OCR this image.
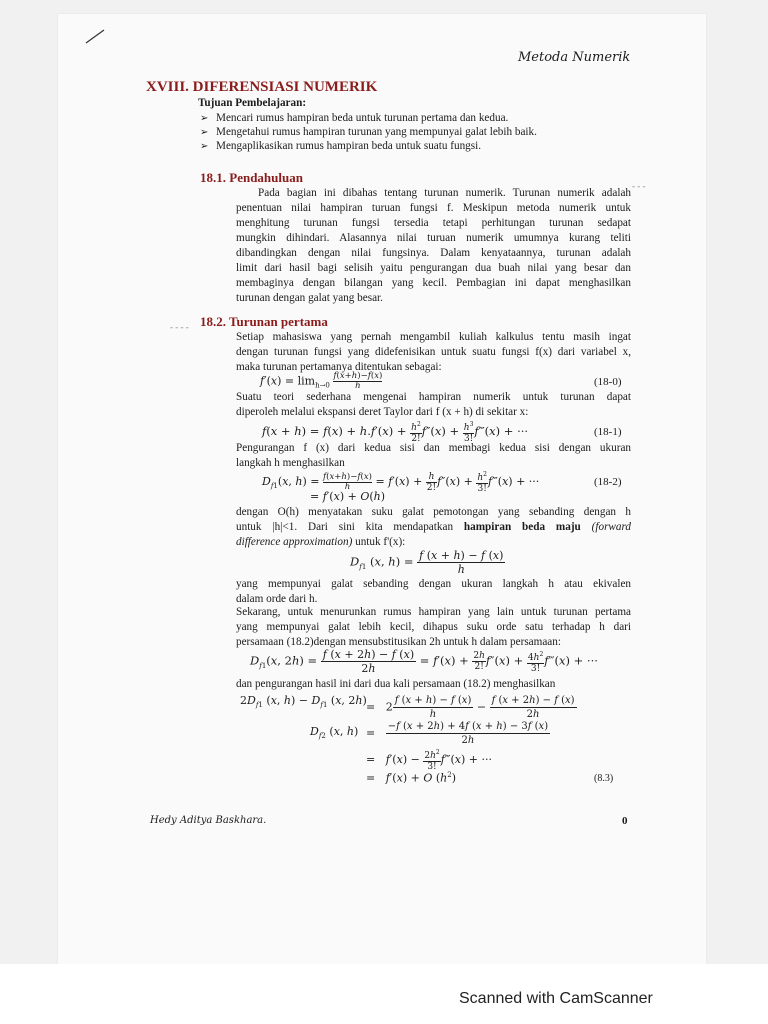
Metoda Numerik
XVIII. DIFERENSIASI NUMERIK
Tujuan Pembelajaran:
➢ Mencari rumus hampiran beda untuk turunan pertama dan kedua.
➢ Mengetahui rumus hampiran turunan yang mempunyai galat lebih baik.
➢ Mengaplikasikan rumus hampiran beda untuk suatu fungsi.
18.1. Pendahuluan
Pada bagian ini dibahas tentang turunan numerik. Turunan numerik adalah
penentuan nilai hampiran turuan fungsi f. Meskipun metoda numerik untuk
menghitung turunan fungsi tersedia tetapi perhitungan turunan sedapat
mungkin dihindari. Alasannya nilai turuan numerik umumnya kurang teliti
dibandingkan dengan nilai fungsinya. Dalam kenyataannya, turunan adalah
limit dari hasil bagi selisih yaitu pengurangan dua buah nilai yang besar dan
membaginya dengan bilangan yang kecil. Pembagian ini dapat menghasilkan
turunan dengan galat yang besar.
- - -
- - - - 18.2. Turunan pertama
Setiap mahasiswa yang pernah mengambil kuliah kalkulus tentu masih ingat
dengan turunan fungsi yang didefenisikan untuk suatu fungsi f(x) dari variabel x,
maka turunan pertamanya ditentukan sebagai:
$f'(x) = \lim_{h\to 0} \frac{f(x+h)-f(x)}{h}$	(18-0)
Suatu teori sederhana mengenai hampiran numerik untuk turunan dapat
diperoleh melalui ekspansi deret Taylor dari f (x + h) di sekitar x:
$f(x + h) = f(x) + h.f'(x) + \frac{h^2}{2!} f''(x) + \frac{h^3}{3!}$ f‴(x) + ···	(18-1)
Pengurangan f (x) dari kedua sisi dan membagi kedua sisi dengan ukuran
langkah h menghasilkan
$D_{f1}(x$, $h) = \frac{f(x+h)-f(x)}{h} = f'(x) + \frac{h}{2!} f''(x) + \frac{h^2}{3!}$ f‴(x) + ···	(18-2)
= f′(x) + O(h)
dengan O(h) menyatakan suku galat pemotongan yang sebanding dengan h
untuk |h|<1. Dari sini kita mendapatkan hampiran beda maju (forward
difference approximation) untuk f'(x):
$D_{f1}$ (x, $h) = \frac{f (x + h) - f (x)}{h}$
yang mempunyai galat sebanding dengan ukuran langkah h atau ekivalen
dalam orde dari h.
Sekarang, untuk menurunkan rumus hampiran yang lain untuk turunan pertama
yang mempunyai galat lebih kecil, dihapus suku orde satu terhadap h dari
persamaan (18.2)dengan mensubstitusikan 2h untuk h dalam persamaan:
$D_{f1}(x$, $2h) = \frac{f (x + 2h) - f (x)}{2h} = f'(x) + \frac{2h}{2!} f''(x) + \frac{4h^2}{3!}$ f‴(x) + ···
dan pengurangan hasil ini dari dua kali persamaan (18.2) menghasilkan
$2D_{f1}$ (x, $h) - D_{f1}$ (x, $2h) = 2 \frac{f (x + h) - f (x)}{h} - \frac{f (x + 2h) - f (x)}{2h}$
$D_{f2}$ (x, $h) = \frac{-f (x + 2h) + 4f (x + h) - 3f (x)}{2h}$
=   $f'(x) - \frac{2h^2}{3!}$ f‴(x) + ···
=   f′(x) + O $(h^2)$	(8.3)
Hedy Aditya Baskhara.	0
Scanned with CamScanner
